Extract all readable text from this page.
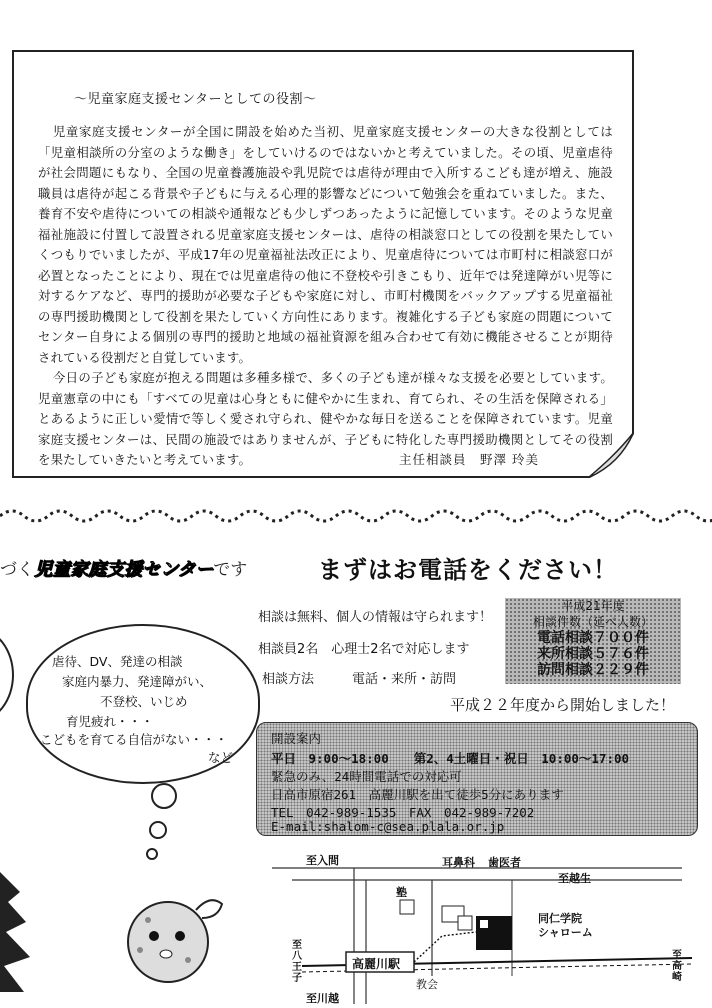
〜児童家庭支援センターとしての役割〜

児童家庭支援センターが全国に開設を始めた当初、児童家庭支援センターの大きな役割としては「児童相談所の分室のような働き」をしていけるのではないかと考えていました。その頃、児童虐待が社会問題にもなり、全国の児童養護施設や乳児院では虐待が理由で入所するこども達が増え、施設職員は虐待が起こる背景や子どもに与える心理的影響などについて勉強会を重ねていました。また、養育不安や虐待についての相談や通報なども少しずつあったように記憶しています。そのような児童福祉施設に付置して設置される児童家庭支援センターは、虐待の相談窓口としての役割を果たしていくつもりでいましたが、平成17年の児童福祉法改正により、児童虐待については市町村に相談窓口が必置となったことにより、現在では児童虐待の他に不登校や引きこもり、近年では発達障がい児等に対するケアなど、専門的援助が必要な子どもや家庭に対し、市町村機関をバックアップする児童福祉の専門援助機関として役割を果たしていく方向性にあります。複雑化する子ども家庭の問題についてセンター自身による個別の専門的援助と地域の福祉資源を組み合わせて有効に機能させることが期待されている役割だと自覚しています。

今日の子ども家庭が抱える問題は多種多様で、多くの子ども達が様々な支援を必要としています。児童憲章の中にも「すべての児童は心身ともに健やかに生まれ、育てられ、その生活を保障される」とあるように正しい愛情で等しく愛され守られ、健やかな毎日を送ることを保障されています。児童家庭支援センターは、民間の施設ではありませんが、子どもに特化した専門援助機関としてその役割を果たしていきたいと考えています。	主任相談員　野澤 玲美
づく児童家庭支援センターです	まずはお電話をください！
相談は無料、個人の情報は守られます！
相談員2名　心理士2名で対応します
相談方法	電話・来所・訪問
平成21年度
相談件数（延べ人数）
電話相談７００件
来所相談５７６件
訪問相談２２９件
平成２２年度から開始しました！
虐待、DV、発達の相談
家庭内暴力、発達障がい、
不登校、いじめ
育児疲れ・・・
こどもを育てる自信がない・・・
など
開設案内
平日　9:00〜18:00　　第2、4土曜日・祝日　10:00〜17:00
緊急のみ、24時間電話での対応可
日高市原宿261　高麗川駅を出て徒歩5分にあります
TEL　042-989-1535　FAX　042-989-7202
E-mail:shalom-c@sea.plala.or.jp
至入間
至越生
耳鼻科 歯医者
塾
同仁学院
シャローム
至八王子
高麗川駅
教会
至川越
至高崎
